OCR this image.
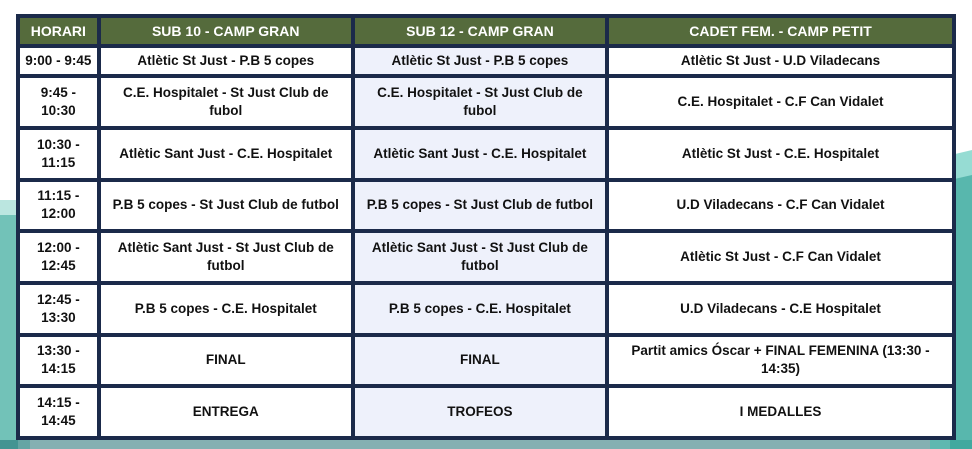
HORARI	SUB 10 - CAMP GRAN	SUB 12 - CAMP GRAN	CADET FEM. - CAMP PETIT
9:00 - 9:45	Atlètic St Just - P.B 5 copes	Atlètic St Just - P.B 5 copes	Atlètic St Just - U.D Viladecans
9:45 - 10:30	C.E. Hospitalet - St Just Club de fubol	C.E. Hospitalet - St Just Club de fubol	C.E. Hospitalet - C.F Can Vidalet
10:30 - 11:15	Atlètic Sant Just - C.E. Hospitalet	Atlètic Sant Just - C.E. Hospitalet	Atlètic St Just - C.E. Hospitalet
11:15 - 12:00	P.B 5 copes - St Just Club de futbol	P.B 5 copes - St Just Club de futbol	U.D Viladecans - C.F Can Vidalet
12:00 - 12:45	Atlètic Sant Just - St Just Club de futbol	Atlètic Sant Just - St Just Club de futbol	Atlètic St Just - C.F Can Vidalet
12:45 - 13:30	P.B 5 copes - C.E. Hospitalet	P.B 5 copes - C.E. Hospitalet	U.D Viladecans - C.E Hospitalet
13:30 - 14:15	FINAL	FINAL	Partit amics Óscar + FINAL FEMENINA (13:30 - 14:35)
14:15 - 14:45	ENTREGA	TROFEOS	I MEDALLES
